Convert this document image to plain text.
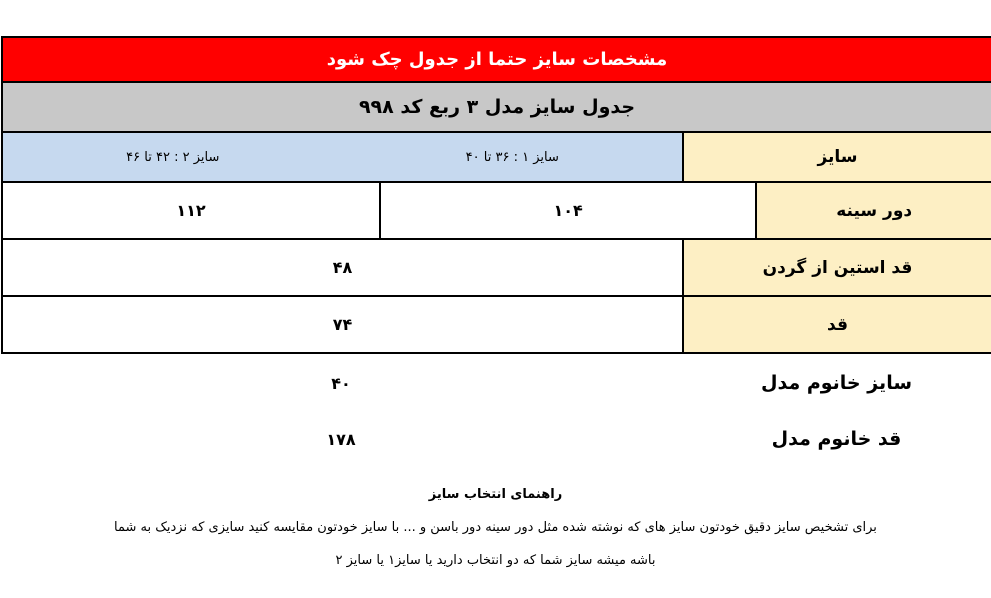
مشخصات سایز حتما از جدول چک شود
جدول سایز مدل ۳ ربع کد ۹۹۸
سایز
سایز ۱ : ۳۶ تا ۴۰
سایز ۲ : ۴۲ تا ۴۶
دور سینه
۱۰۴
۱۱۲
قد استین از گردن
۴۸
قد
۷۴
سایز خانوم مدل
۴۰
قد خانوم مدل
۱۷۸
راهنمای انتخاب سایز
برای تشخیص سایز دقیق خودتون سایز های که نوشته شده مثل دور سینه دور باسن و ... با سایز خودتون مقایسه کنید سایزی که نزدیک به شما
باشه میشه سایز شما که دو انتخاب دارید یا سایز۱ یا سایز ۲
